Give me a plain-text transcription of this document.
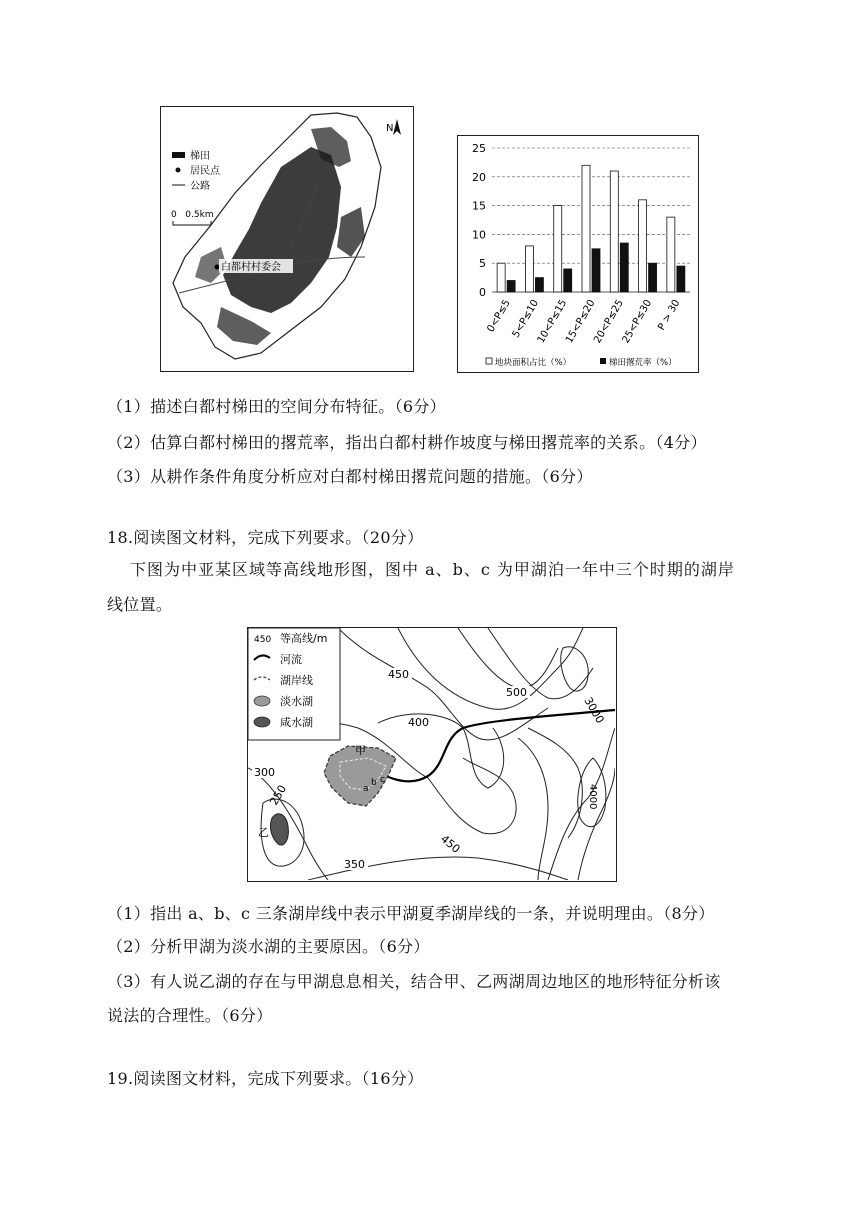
白都村村委会
梯田
居民点
公路
0   0.5km
N
0
5
10
15
20
25
0<P≤5
5<P≤10
10<P≤15
15<P≤20
20<P≤25
25<P≤30 P > 30
地块面积占比（%）	梯田撂荒率（%）
（1）描述白都村梯田的空间分布特征。（6分）
（2）估算白都村梯田的撂荒率，指出白都村耕作坡度与梯田撂荒率的关系。（4分）
（3）从耕作条件角度分析应对白都村梯田撂荒问题的措施。（6分）
18.阅读图文材料，完成下列要求。（20分）
下图为中亚某区域等高线地形图，图中 a、b、c 为甲湖泊一年中三个时期的湖岸
线位置。
甲
乙
a
b c
450
500
400	3000
300
250
450
350
4000
450 等高线/m
河流
湖岸线
淡水湖
咸水湖
（1）指出 a、b、c 三条湖岸线中表示甲湖夏季湖岸线的一条，并说明理由。（8分）
（2）分析甲湖为淡水湖的主要原因。（6分）
（3）有人说乙湖的存在与甲湖息息相关，结合甲、乙两湖周边地区的地形特征分析该
说法的合理性。（6分）
19.阅读图文材料，完成下列要求。（16分）
